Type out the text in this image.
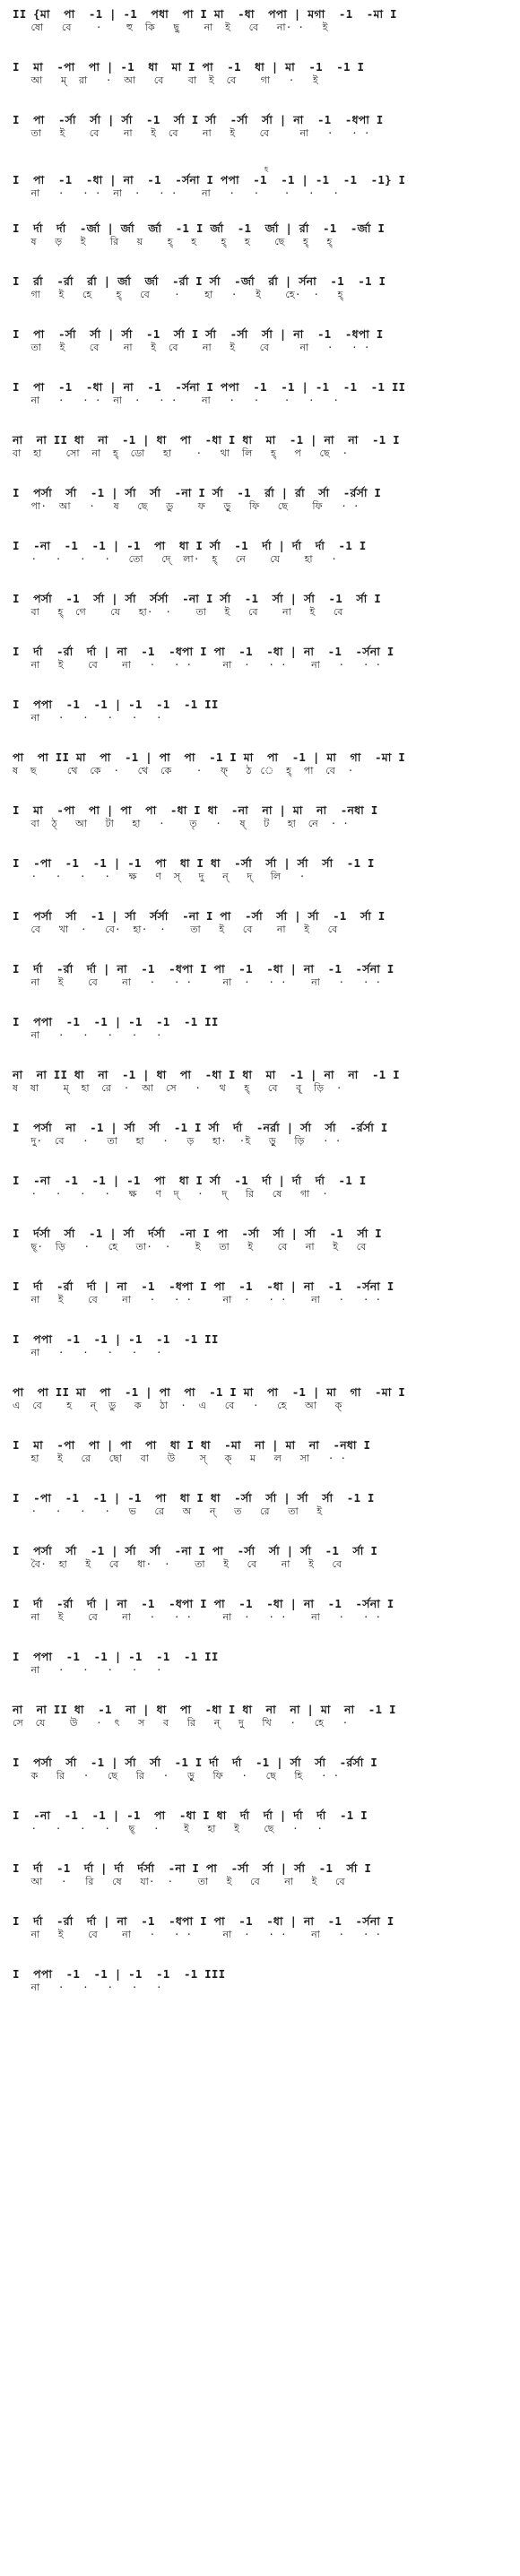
II {মা  পা  -1 | -1  পধা  পা I মা  -ধা  পপা | মগা  -1  -মা I
ষো   বে    ·    হু  কি   ছু    না  ই   বে   না· ·   ই
I  মা  -পা  পা | -1  ধা  মা I পা  -1  ধা | মা  -1  -1 I
আ   ম্  রা   ·  আ   বে    বা  ই  বে    গা   ·   ই
I  পা  -র্সা  র্সা | র্সা  -1  র্সা I র্সা  -র্সা  র্সা | না  -1  -ধপা I
তা   ই    বে    না   ই  বে    না   ই    বে     না   ·   · ·
হ
I  পা  -1  -ধা | না  -1  -র্সনা I পপা  -1  -1 | -1  -1  -1} I
না   ·   · ·  না  ·   · ·    না   ·   ·    ·   ·   ·
I  র্দা  র্দা  -র্জা | র্জা  র্জা  -1 I র্জা  -1  র্জা | র্রা  -1  -র্জা I
ষ   ড়   ই    রি   য়    হ্   হ    হ্   হ    ছে   হ্   হ্
I  র্রা  -র্রা  র্রা | র্জা  র্জা  -র্রা I র্সা  -র্জা  র্রা | র্সনা  -1  -1 I
গা   ই   হে    হ্   বে    ·    হা   ·   ই    হে·  ·   হ্
I  পা  -র্সা  র্সা | র্সা  -1  র্সা I র্সা  -র্সা  র্সা | না  -1  -ধপা I
তা   ই    বে    না   ই  বে    না   ই    বে     না   ·   · ·
I  পা  -1  -ধা | না  -1  -র্সনা I পপা  -1  -1 | -1  -1  -1 II
না   ·   · ·  না  ·   · ·    না   ·   ·    ·   ·   ·
না  না II ধা  না  -1 | ধা  পা  -ধা I ধা  মা  -1 | না  না  -1 I
বা  হা    সো  না  হ্  ডো   হা    ·   থা  লি   হ্   প   ছে  ·
I  পর্সা  র্সা  -1 | র্সা  র্সা  -না I র্সা  -1  র্রা | র্রা  র্সা  -র্রর্সা I
পা·  আ   ·   ষ   ছে   ডু    ফ   ড়ু   ফি   ছে    ফি   · ·
I  -না  -1  -1 | -1  পা  ধা I র্সা  -1  র্দা | র্দা  র্দা  -1 I
·   ·   ·   ·   তো   দে্  লা·  হ্   নে    যে    হা   ·
I  পর্সা  -1  র্সা | র্সা  র্সর্সা  -না I র্সা  -1  র্সা | র্সা  -1  র্সা I
বা   হ্  গে    যে   হা·  ·    তা   ই   বে    না   ই   বে
I  র্দা  -র্রা  র্দা | না  -1  -ধপা I পা  -1  -ধা | না  -1  -র্সনা I
না   ই    বে    না   ·   · ·     না  ·   · ·    না   ·   · ·
I  পপা  -1  -1 | -1  -1  -1 II
না   ·   ·   ·   ·   ·
পা  পা II মা  পা  -1 | পা  পা  -1 I মা  পা  -1 | মা  গা  -মা I
ষ  ছ     থে  কে  ·   থে  কে    ·   ফ্   ঠ  ে  হ্  পা  বে  ·
I  মা  -পা  পা | পা  পা  -ধা I ধা  -না  না | মা  না  -নধা I
বা  ঠ্   আ   টা   হা   ·    তৃ   ·   ষ্   ট   হা  নে  · ·
I  -পা  -1  -1 | -1  পা  ধা I ধা  -র্সা  র্সা | র্সা  র্সা  -1 I
·   ·   ·   ·   ক্ষ   ণ  স্   দু   ন্   দ্   লি   ·
I  পর্সা  র্সা  -1 | র্সা  র্সর্সা  -না I পা  -র্সা  র্সা | র্সা  -1  র্সা I
বে   খা  ·   বে·  হা·  ·    তা   ই   বে    না   ই   বে
I  র্দা  -র্রা  র্দা | না  -1  -ধপা I পা  -1  -ধা | না  -1  -র্সনা I
না   ই    বে    না   ·   · ·     না  ·   · ·    না   ·   · ·
I  পপা  -1  -1 | -1  -1  -1 II
না   ·   ·   ·   ·   ·
না  না II ধা  না  -1 | ধা  পা  -ধা I ধা  মা  -1 | না  না  -1 I
ষ  ষা    ম্  হা  রে  ·  আ  সে   ·   থ   হ্   বে   বৃ্  ড়ি  ·
I  পর্সা  না  -1 | র্সা  র্সা  -1 I র্সা  র্দা  -নর্রা | র্সা  র্সা  -র্রর্সা I
দু·  বে   ·   তা   হা   ·   ড়   হা·  ·ই   ড়ু   ড়ি   · ·
I  -না  -1  -1 | -1  পা  ধা I র্সা  -1  র্দা | র্দা  র্দা  -1 I
·   ·   ·   ·   ক্ষ   ণ  দ্   ·   দ্   রি   ষে   গা  ·
I  র্দর্সা  র্সা  -1 | র্সা  র্দর্সা  -না I পা  -র্সা  র্সা | র্সা  -1  র্সা I
ছ্·  ড়ি   ·   হে   তা·  ·    ই   তা   ই    বে   না   ই   বে
I  র্দা  -র্রা  র্দা | না  -1  -ধপা I পা  -1  -ধা | না  -1  -র্সনা I
না   ই    বে    না   ·   · ·     না  ·   · ·    না   ·   · ·
I  পপা  -1  -1 | -1  -1  -1 II
না   ·   ·   ·   ·   ·
পা  পা II মা  পা  -1 | পা  পা  -1 I মা  পা  -1 | মা  গা  -মা I
এ  বে    হ   ন্  ডু   ক   ঠা  ·  এ   বে   ·   হে   আ   ক্
I  মা  -পা  পা | পা  পা  ধা I ধা  -মা  না | মা  না  -নধা I
হা   ই   রে   ছো   বা   উ    স্   ক্   ম   ল   সা   · ·
I  -পা  -1  -1 | -1  পা  ধা I ধা  -র্সা  র্সা | র্সা  র্সা  -1 I
·   ·   ·   ·   ভ   রে   অ   ন্   ত   রে   তা   ই
I  পর্সা  র্সা  -1 | র্সা  র্সা  -না I পা  -র্সা  র্সা | র্সা  -1  র্সা I
বৈ·  হা   ই   বে   ধা·  ·    তা   ই   বে    না   ই   বে
I  র্দা  -র্রা  র্দা | না  -1  -ধপা I পা  -1  -ধা | না  -1  -র্সনা I
না   ই    বে    না   ·   · ·     না  ·   · ·    না   ·   · ·
I  পপা  -1  -1 | -1  -1  -1 II
না   ·   ·   ·   ·   ·
না  না II ধা  -1  না | ধা  পা  -ধা I ধা  না  না | মা  না  -1 I
সে  যে    উ   ·  ৎ   স   ব   রি   ন্   দু   খি   ·   হে   ·
I  পর্সা  র্সা  -1 | র্সা  র্সা  -1 I র্দা  র্দা  -1 | র্সা  র্সা  -র্রর্সা I
ক   রি   ·   ছে   রি   ·   ড়ু   ফি   ·   ছে   হি   · ·
I  -না  -1  -1 | -1  পা  -ধা I ধা  র্দা  র্দা | র্দা  র্দা  -1 I
·   ·   ·   ·   ছ্   ·    ই   হা   ই    ছে   ·   ·
I  র্দা  -1  র্দা | র্দা  র্দর্সা  -না I পা  -র্সা  র্সা | র্সা  -1  র্সা I
আ   ·   রি   ষে   যা·  ·    তা   ই   বে    না   ই   বে
I  র্দা  -র্রা  র্দা | না  -1  -ধপা I পা  -1  -ধা | না  -1  -র্সনা I
না   ই    বে    না   ·   · ·     না  ·   · ·    না   ·   · ·
I  পপা  -1  -1 | -1  -1  -1 III
না   ·   ·   ·   ·   ·
